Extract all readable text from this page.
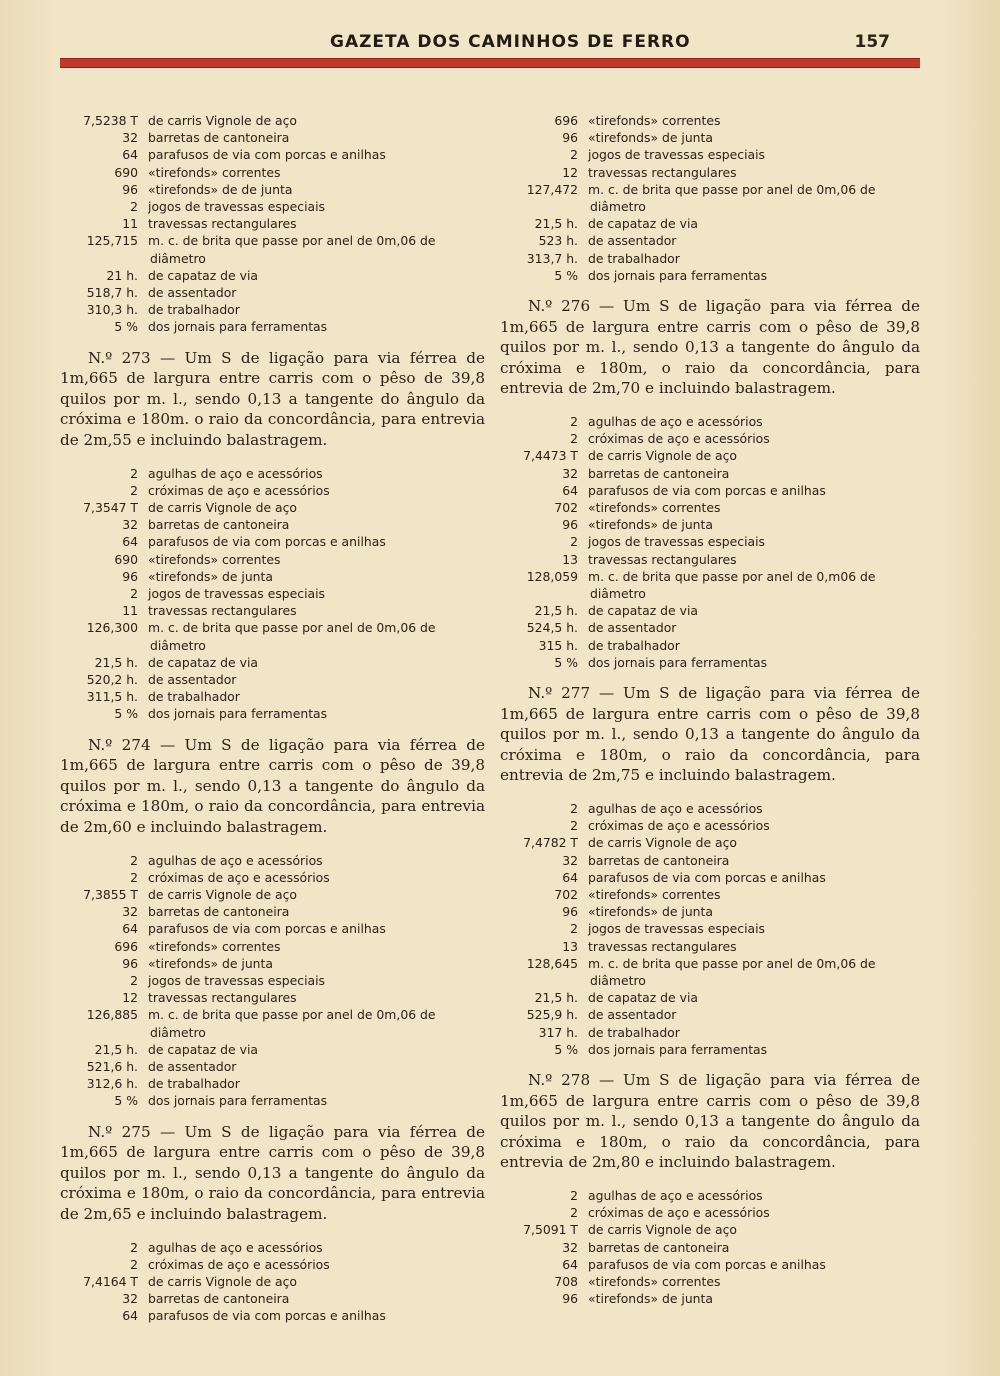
GAZETA DOS CAMINHOS DE FERRO	157
7,5238 T de carris Vignole de aço
32 barretas de cantoneira
64 parafusos de via com porcas e anilhas
690 «tirefonds» correntes
96 «tirefonds» de de junta
2 jogos de travessas especiais
11 travessas rectangulares
125,715 m. c. de brita que passe por anel de 0m,06 de
diâmetro
21 h. de capataz de via
518,7 h. de assentador
310,3 h. de trabalhador
5 % dos jornais para ferramentas

N.º 273 — Um S de ligação para via férrea de 1m,665 de largura entre carris com o pêso de 39,8 quilos por m. l., sendo 0,13 a tangente do ângulo da cróxima e 180m. o raio da concordância, para entrevia de 2m,55 e incluindo balastragem.

2 agulhas de aço e acessórios
2 cróximas de aço e acessórios
7,3547 T de carris Vignole de aço
32 barretas de cantoneira
64 parafusos de via com porcas e anilhas
690 «tirefonds» correntes
96 «tirefonds» de junta
2 jogos de travessas especiais
11 travessas rectangulares
126,300 m. c. de brita que passe por anel de 0m,06 de
diâmetro
21,5 h. de capataz de via
520,2 h. de assentador
311,5 h. de trabalhador
5 % dos jornais para ferramentas

N.º 274 — Um S de ligação para via férrea de 1m,665 de largura entre carris com o pêso de 39,8 quilos por m. l., sendo 0,13 a tangente do ângulo da cróxima e 180m, o raio da concordância, para entrevia de 2m,60 e incluindo balastragem.

2 agulhas de aço e acessórios
2 cróximas de aço e acessórios
7,3855 T de carris Vignole de aço
32 barretas de cantoneira
64 parafusos de via com porcas e anilhas
696 «tirefonds» correntes
96 «tirefonds» de junta
2 jogos de travessas especiais
12 travessas rectangulares
126,885 m. c. de brita que passe por anel de 0m,06 de
diâmetro
21,5 h. de capataz de via
521,6 h. de assentador
312,6 h. de trabalhador
5 % dos jornais para ferramentas

N.º 275 — Um S de ligação para via férrea de 1m,665 de largura entre carris com o pêso de 39,8 quilos por m. l., sendo 0,13 a tangente do ângulo da cróxima e 180m, o raio da concordância, para entrevia de 2m,65 e incluindo balastragem.

2 agulhas de aço e acessórios
2 cróximas de aço e acessórios
7,4164 T de carris Vignole de aço
32 barretas de cantoneira
64 parafusos de via com porcas e anilhas
696 «tirefonds» correntes
96 «tirefonds» de junta
2 jogos de travessas especiais
12 travessas rectangulares
127,472 m. c. de brita que passe por anel de 0m,06 de
diâmetro
21,5 h. de capataz de via
523 h. de assentador
313,7 h. de trabalhador
5 % dos jornais para ferramentas

N.º 276 — Um S de ligação para via férrea de 1m,665 de largura entre carris com o pêso de 39,8 quilos por m. l., sendo 0,13 a tangente do ângulo da cróxima e 180m, o raio da concordância, para entrevia de 2m,70 e incluindo balastragem.

2 agulhas de aço e acessórios
2 cróximas de aço e acessórios
7,4473 T de carris Vignole de aço
32 barretas de cantoneira
64 parafusos de via com porcas e anilhas
702 «tirefonds» correntes
96 «tirefonds» de junta
2 jogos de travessas especiais
13 travessas rectangulares
128,059 m. c. de brita que passe por anel de 0,m06 de
diâmetro
21,5 h. de capataz de via
524,5 h. de assentador
315 h. de trabalhador
5 % dos jornais para ferramentas

N.º 277 — Um S de ligação para via férrea de 1m,665 de largura entre carris com o pêso de 39,8 quilos por m. l., sendo 0,13 a tangente do ângulo da cróxima e 180m, o raio da concordância, para entrevia de 2m,75 e incluindo balastragem.

2 agulhas de aço e acessórios
2 cróximas de aço e acessórios
7,4782 T de carris Vignole de aço
32 barretas de cantoneira
64 parafusos de via com porcas e anilhas
702 «tirefonds» correntes
96 «tirefonds» de junta
2 jogos de travessas especiais
13 travessas rectangulares
128,645 m. c. de brita que passe por anel de 0m,06 de
diâmetro
21,5 h. de capataz de via
525,9 h. de assentador
317 h. de trabalhador
5 % dos jornais para ferramentas

N.º 278 — Um S de ligação para via férrea de 1m,665 de largura entre carris com o pêso de 39,8 quilos por m. l., sendo 0,13 a tangente do ângulo da cróxima e 180m, o raio da concordância, para entrevia de 2m,80 e incluindo balastragem.

2 agulhas de aço e acessórios
2 cróximas de aço e acessórios
7,5091 T de carris Vignole de aço
32 barretas de cantoneira
64 parafusos de via com porcas e anilhas
708 «tirefonds» correntes
96 «tirefonds» de junta
